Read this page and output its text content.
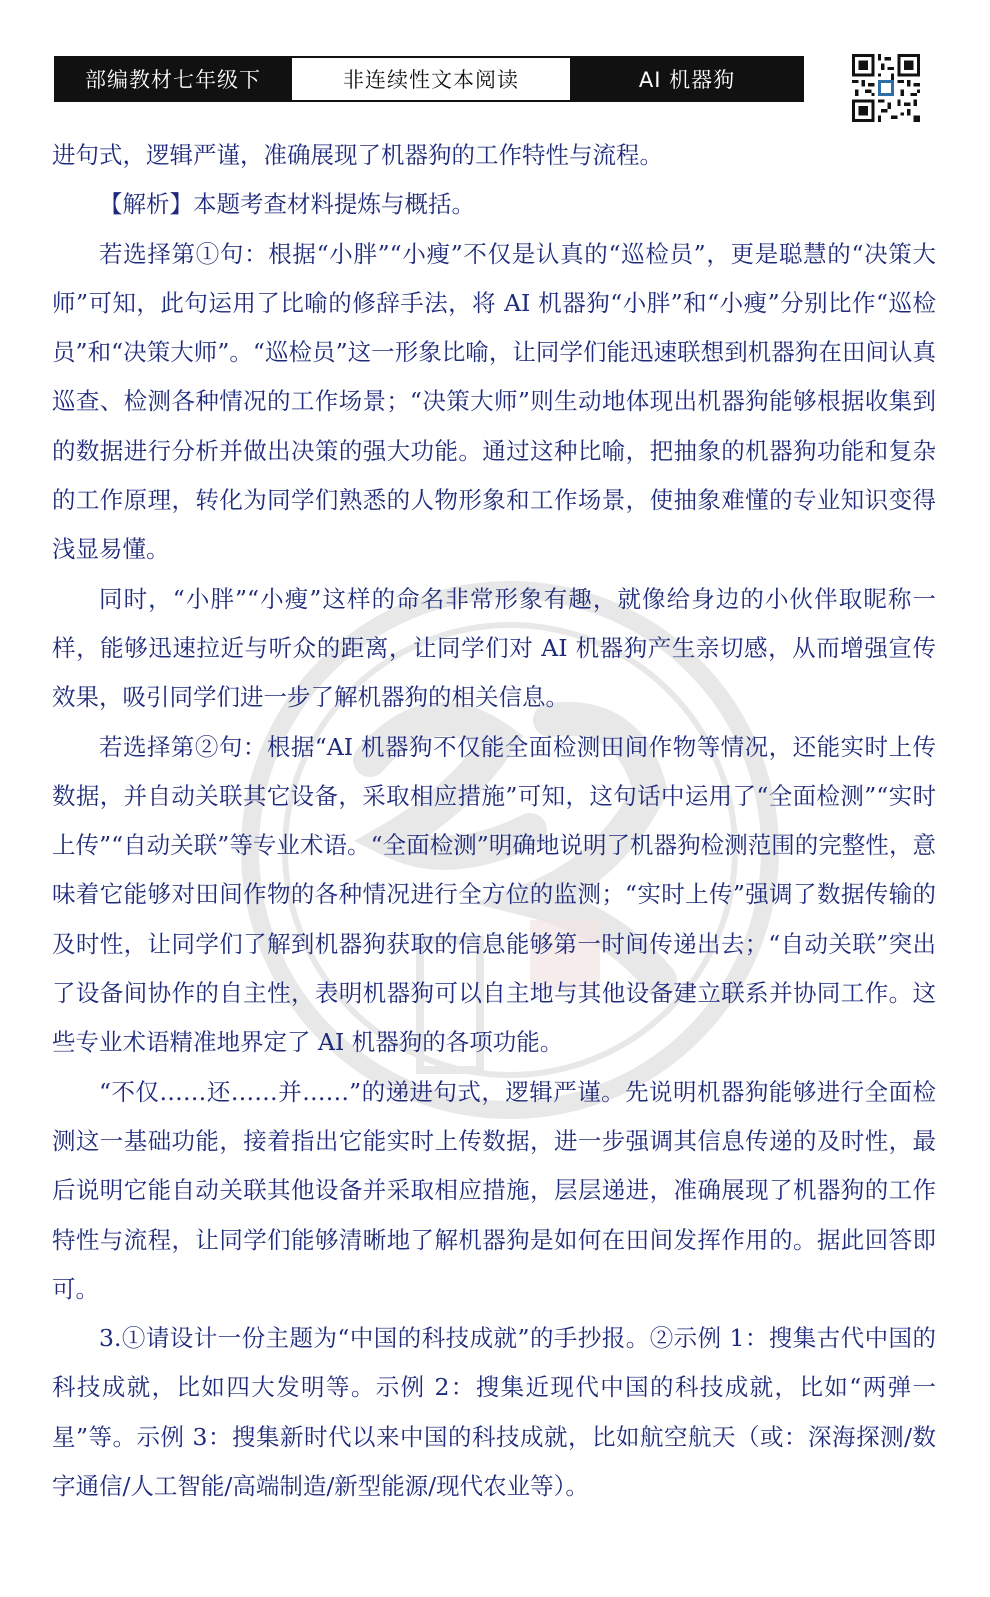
部编教材七年级下	非连续性文本阅读	AI 机器狗

进句式，逻辑严谨，准确展现了机器狗的工作特性与流程。

【解析】本题考查材料提炼与概括。

若选择第①句：根据“小胖”“小瘦”不仅是认真的“巡检员”，更是聪慧的“决策大师”可知，此句运用了比喻的修辞手法，将 AI 机器狗“小胖”和“小瘦”分别比作“巡检员”和“决策大师”。“巡检员”这一形象比喻，让同学们能迅速联想到机器狗在田间认真巡查、检测各种情况的工作场景；“决策大师”则生动地体现出机器狗能够根据收集到的数据进行分析并做出决策的强大功能。通过这种比喻，把抽象的机器狗功能和复杂的工作原理，转化为同学们熟悉的人物形象和工作场景，使抽象难懂的专业知识变得浅显易懂。

同时，“小胖”“小瘦”这样的命名非常形象有趣，就像给身边的小伙伴取昵称一样，能够迅速拉近与听众的距离，让同学们对 AI 机器狗产生亲切感，从而增强宣传效果，吸引同学们进一步了解机器狗的相关信息。

若选择第②句：根据“AI 机器狗不仅能全面检测田间作物等情况，还能实时上传数据，并自动关联其它设备，采取相应措施”可知，这句话中运用了“全面检测”“实时上传”“自动关联”等专业术语。“全面检测”明确地说明了机器狗检测范围的完整性，意味着它能够对田间作物的各种情况进行全方位的监测；“实时上传”强调了数据传输的及时性，让同学们了解到机器狗获取的信息能够第一时间传递出去；“自动关联”突出了设备间协作的自主性，表明机器狗可以自主地与其他设备建立联系并协同工作。这些专业术语精准地界定了 AI 机器狗的各项功能。

“不仅……还……并……”的递进句式，逻辑严谨。先说明机器狗能够进行全面检测这一基础功能，接着指出它能实时上传数据，进一步强调其信息传递的及时性，最后说明它能自动关联其他设备并采取相应措施，层层递进，准确展现了机器狗的工作特性与流程，让同学们能够清晰地了解机器狗是如何在田间发挥作用的。据此回答即可。

3.①请设计一份主题为“中国的科技成就”的手抄报。②示例 1：搜集古代中国的科技成就，比如四大发明等。示例 2：搜集近现代中国的科技成就，比如“两弹一星”等。示例 3：搜集新时代以来中国的科技成就，比如航空航天（或：深海探测/数字通信/人工智能/高端制造/新型能源/现代农业等）。
